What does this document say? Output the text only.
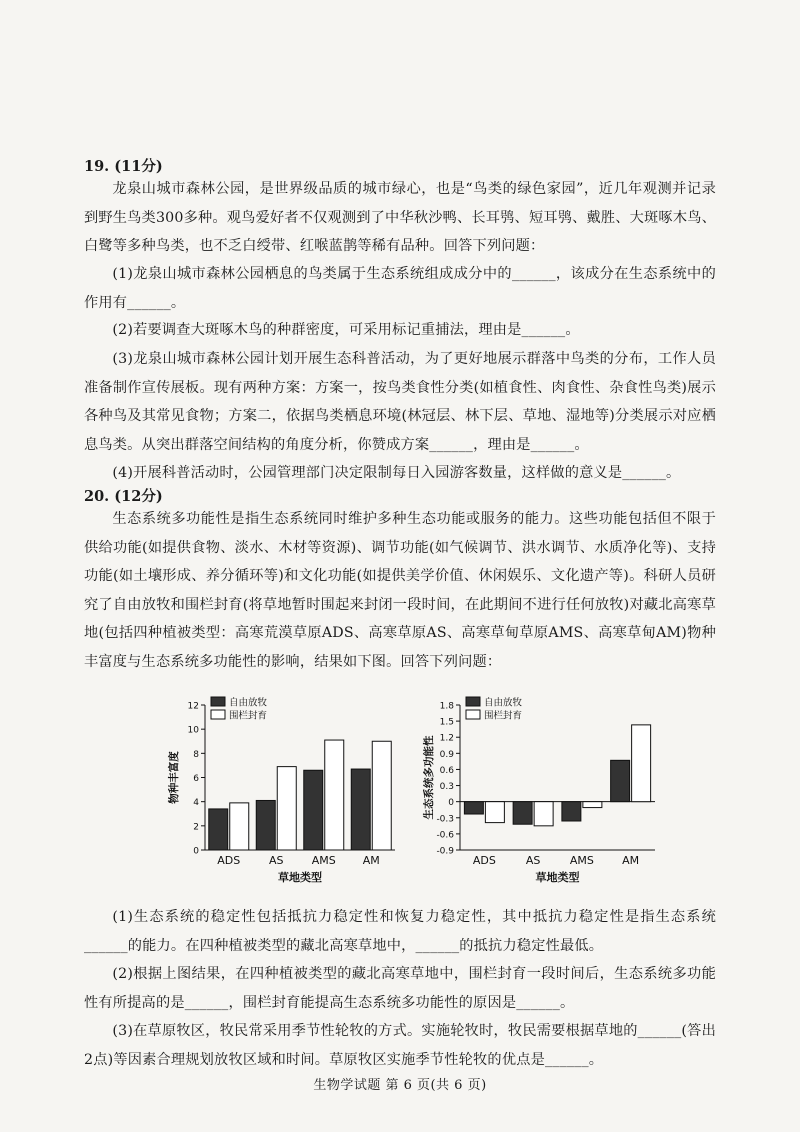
19. (11分)
龙泉山城市森林公园，是世界级品质的城市绿心，也是“鸟类的绿色家园”，近几年观测并记录到野生鸟类300多种。观鸟爱好者不仅观测到了中华秋沙鸭、长耳鸮、短耳鸮、戴胜、大斑啄木鸟、白鹭等多种鸟类，也不乏白绶带、红喉蓝鹊等稀有品种。回答下列问题：
(1)龙泉山城市森林公园栖息的鸟类属于生态系统组成成分中的______，该成分在生态系统中的作用有______。
(2)若要调查大斑啄木鸟的种群密度，可采用标记重捕法，理由是______。
(3)龙泉山城市森林公园计划开展生态科普活动，为了更好地展示群落中鸟类的分布，工作人员准备制作宣传展板。现有两种方案：方案一，按鸟类食性分类(如植食性、肉食性、杂食性鸟类)展示各种鸟及其常见食物；方案二，依据鸟类栖息环境(林冠层、林下层、草地、湿地等)分类展示对应栖息鸟类。从突出群落空间结构的角度分析，你赞成方案______，理由是______。
(4)开展科普活动时，公园管理部门决定限制每日入园游客数量，这样做的意义是______。
20. (12分)
生态系统多功能性是指生态系统同时维护多种生态功能或服务的能力。这些功能包括但不限于供给功能(如提供食物、淡水、木材等资源)、调节功能(如气候调节、洪水调节、水质净化等)、支持功能(如土壤形成、养分循环等)和文化功能(如提供美学价值、休闲娱乐、文化遗产等)。科研人员研究了自由放牧和围栏封育(将草地暂时围起来封闭一段时间，在此期间不进行任何放牧)对藏北高寒草地(包括四种植被类型：高寒荒漠草原ADS、高寒草原AS、高寒草甸草原AMS、高寒草甸AM)物种丰富度与生态系统多功能性的影响，结果如下图。回答下列问题：
0
2
4
6
8
10
12
ADS	AS	AMS AM
草地类型
物种丰富度
自由放牧
围栏封育
-0.9
-0.6
-0.3
0
0.3
0.6
0.9
1.2
1.5
1.8
ADS	AS	AMS	AM
草地类型
生态系统多功能性
自由放牧
围栏封育
(1)生态系统的稳定性包括抵抗力稳定性和恢复力稳定性，其中抵抗力稳定性是指生态系统______的能力。在四种植被类型的藏北高寒草地中，______的抵抗力稳定性最低。
(2)根据上图结果，在四种植被类型的藏北高寒草地中，围栏封育一段时间后，生态系统多功能性有所提高的是______，围栏封育能提高生态系统多功能性的原因是______。
(3)在草原牧区，牧民常采用季节性轮牧的方式。实施轮牧时，牧民需要根据草地的______(答出2点)等因素合理规划放牧区域和时间。草原牧区实施季节性轮牧的优点是______。
生物学试题 第 6 页(共 6 页)
